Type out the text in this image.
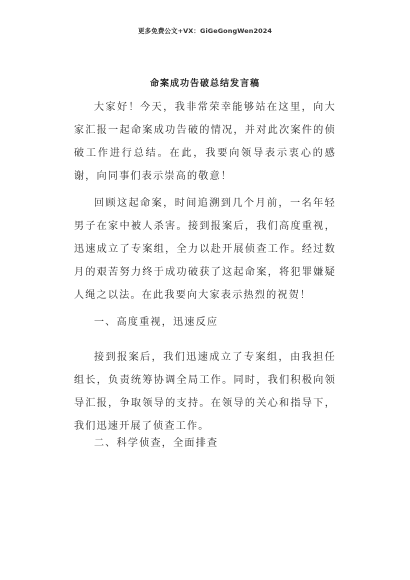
更多免费公文+VX：GiGeGongWen2024
命案成功告破总结发言稿

大家好！今天，我非常荣幸能够站在这里，向大家汇报一起命案成功告破的情况，并对此次案件的侦破工作进行总结。在此，我要向领导表示衷心的感谢，向同事们表示崇高的敬意！

回顾这起命案，时间追溯到几个月前，一名年轻男子在家中被人杀害。接到报案后，我们高度重视，迅速成立了专案组，全力以赴开展侦查工作。经过数月的艰苦努力终于成功破获了这起命案，将犯罪嫌疑人绳之以法。在此我要向大家表示热烈的祝贺！

一、高度重视，迅速反应

接到报案后，我们迅速成立了专案组，由我担任组长，负责统筹协调全局工作。同时，我们积极向领导汇报，争取领导的支持。在领导的关心和指导下，我们迅速开展了侦查工作。

二、科学侦查，全面排查
